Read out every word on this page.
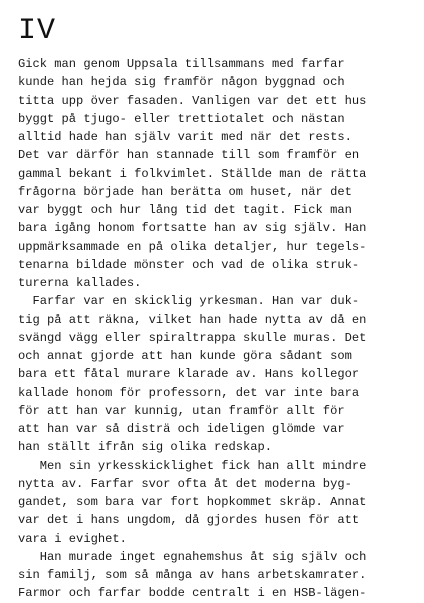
IV
Gick man genom Uppsala tillsammans med farfar
kunde han hejda sig framför någon byggnad och
titta upp över fasaden. Vanligen var det ett hus
byggt på tjugo- eller trettiotalet och nästan
alltid hade han själv varit med när det rests.
Det var därför han stannade till som framför en
gammal bekant i folkvimlet. Ställde man de rätta
frågorna började han berätta om huset, när det
var byggt och hur lång tid det tagit. Fick man
bara igång honom fortsatte han av sig själv. Han
uppmärksammade en på olika detaljer, hur tegels-
tenarna bildade mönster och vad de olika struk-
turerna kallades.
Farfar var en skicklig yrkesman. Han var duk-
tig på att räkna, vilket han hade nytta av då en
svängd vägg eller spiraltrappa skulle muras. Det
och annat gjorde att han kunde göra sådant som
bara ett fåtal murare klarade av. Hans kollegor
kallade honom för professorn, det var inte bara
för att han var kunnig, utan framför allt för
att han var så disträ och ideligen glömde var
han ställt ifrån sig olika redskap.
Men sin yrkesskicklighet fick han allt mindre
nytta av. Farfar svor ofta åt det moderna byg-
gandet, som bara var fort hopkommet skräp. Annat
var det i hans ungdom, då gjordes husen för att
vara i evighet.
Han murade inget egnahemshus åt sig själv och
sin familj, som så många av hans arbetskamrater.
Farmor och farfar bodde centralt i en HSB-lägen-
